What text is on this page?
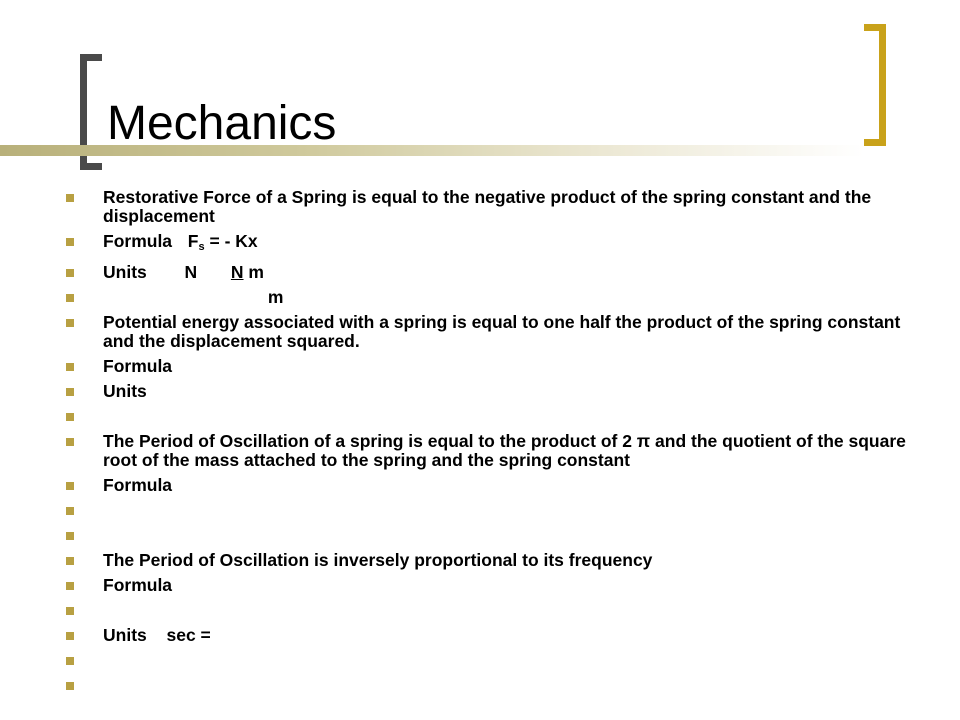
Mechanics
Restorative Force of a Spring is equal to the negative product of the spring constant and the displacement
Formula $F_s$ = - Kx
Units N N m
m
Potential energy associated with a spring is equal to one half the product of the spring constant and the displacement squared.
Formula
Units
The Period of Oscillation of a spring is equal to the product of 2 π and the quotient of the square root of the mass attached to the spring and the spring constant
Formula
The Period of Oscillation is inversely proportional to its frequency
Formula
Units sec =
